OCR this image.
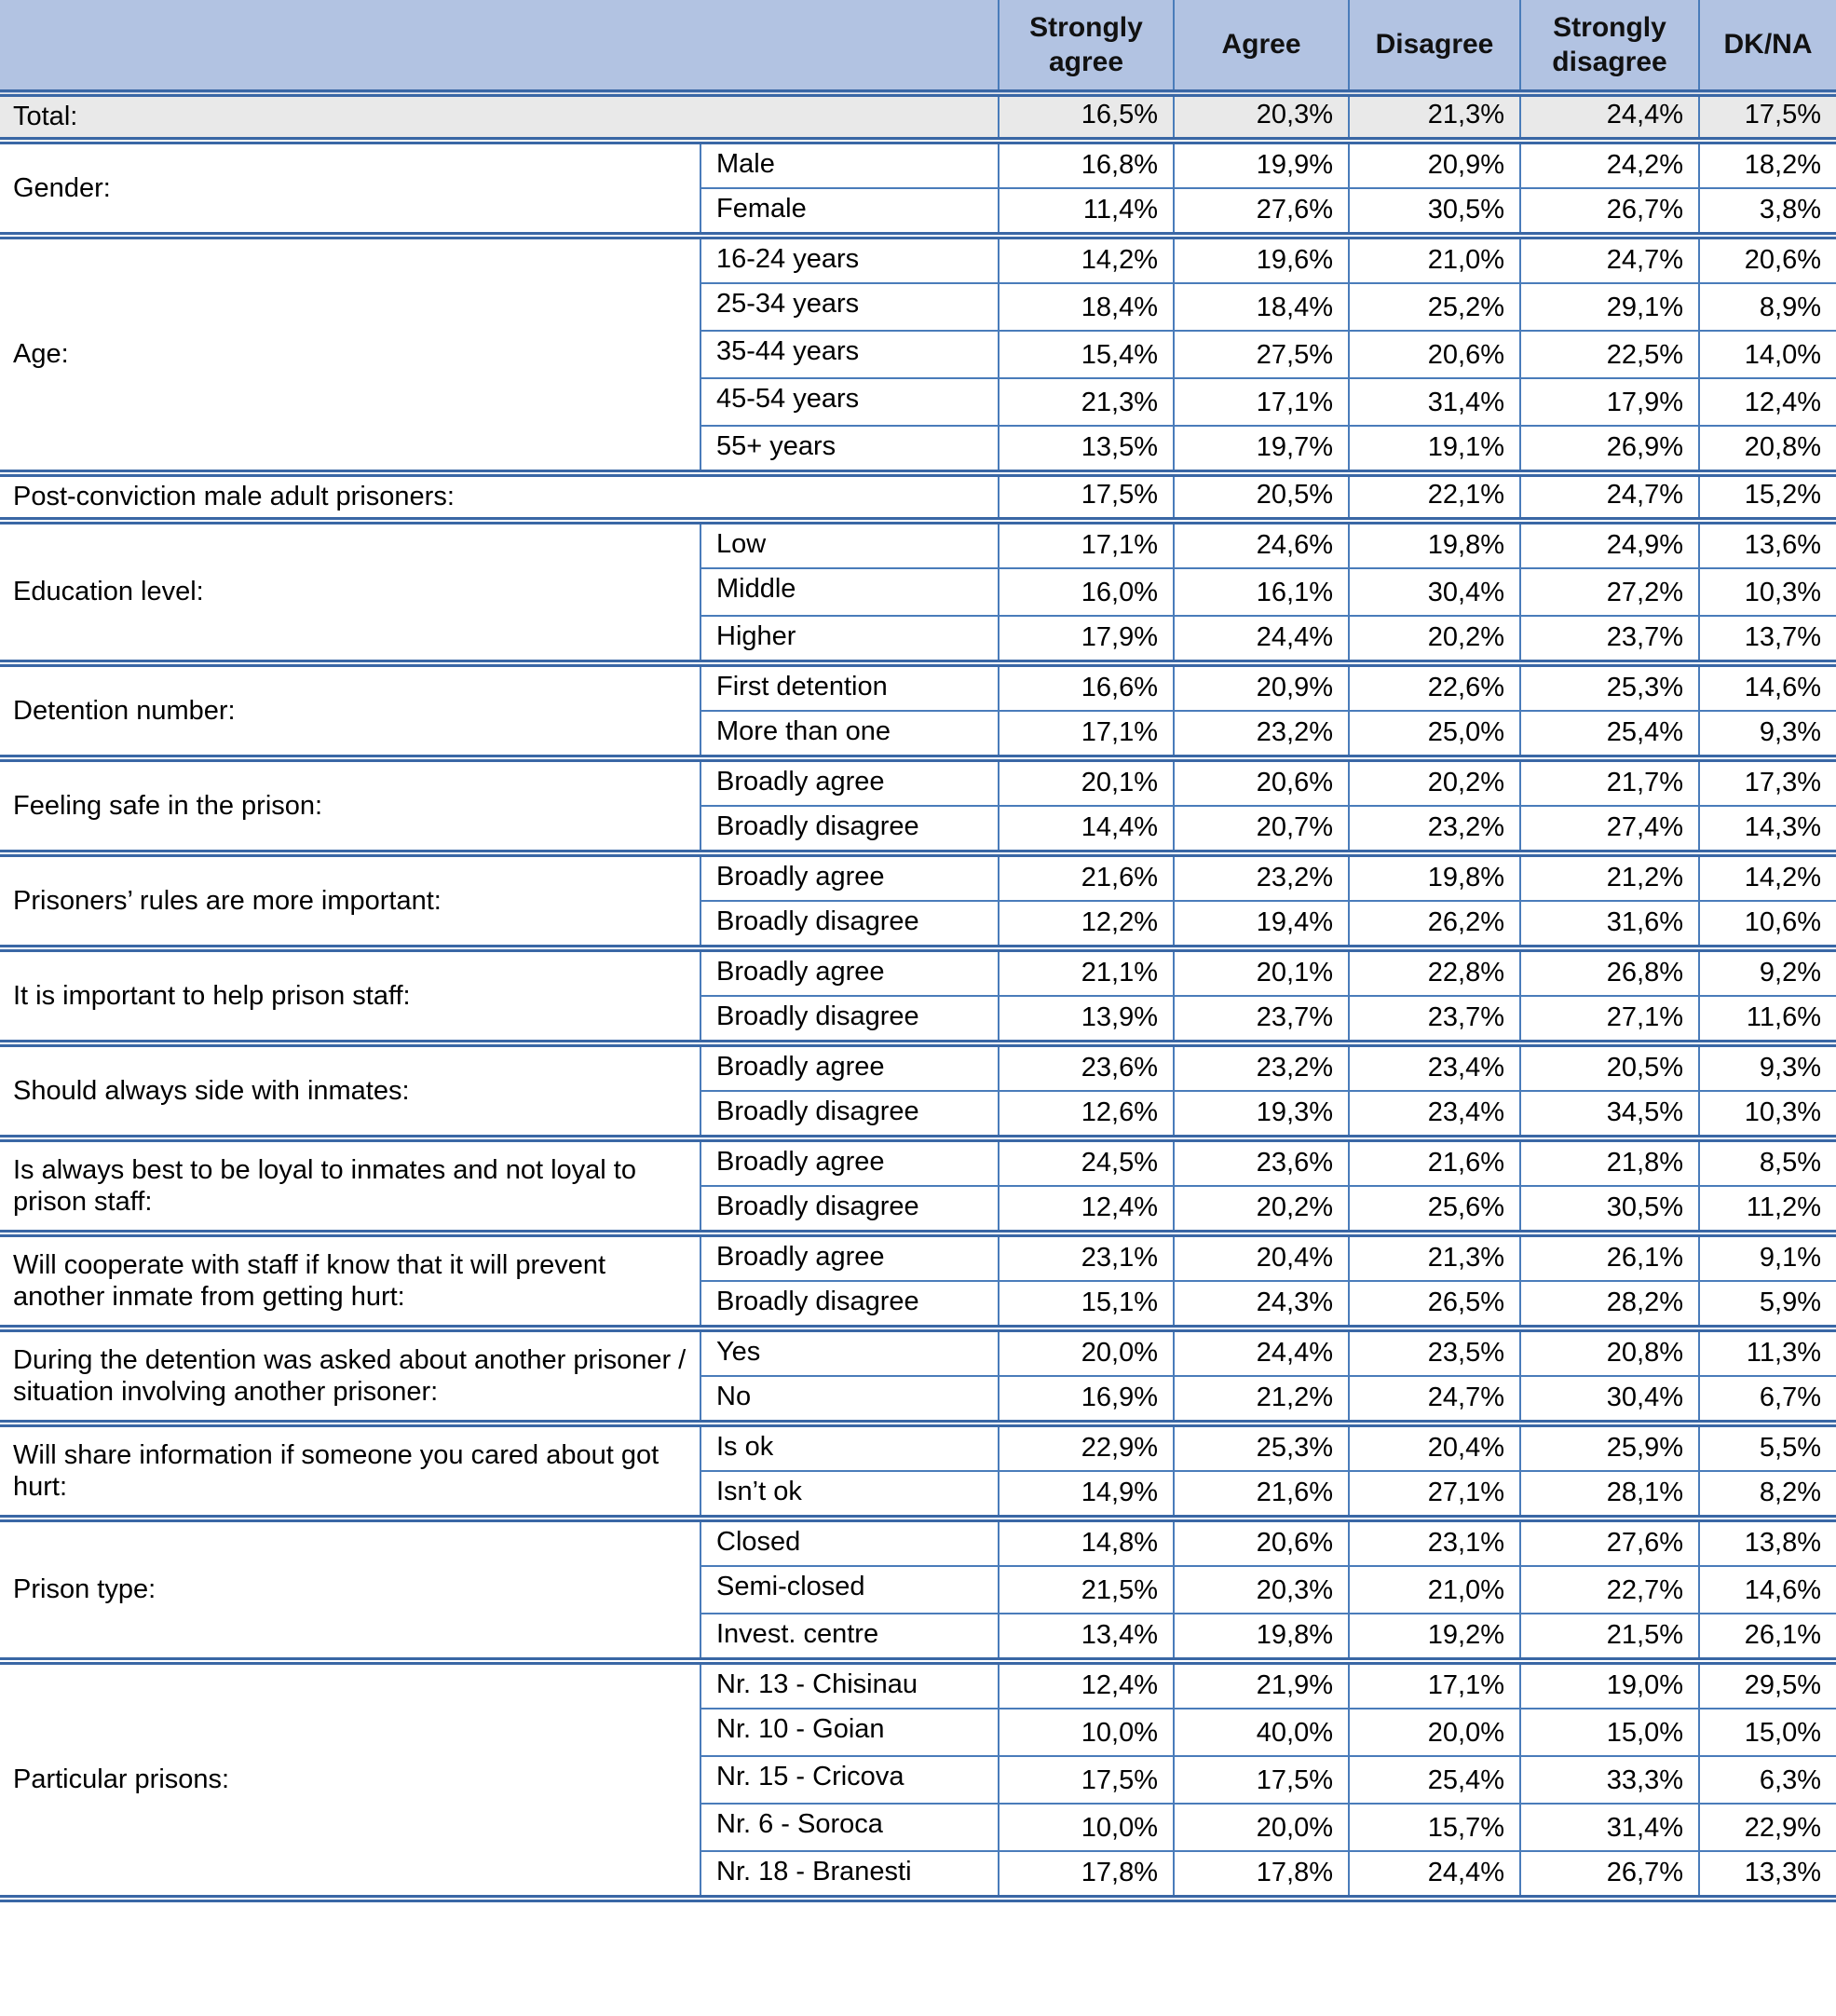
		Strongly agree	Agree	Disagree	Strongly disagree	DK/NA
Total:		16,5%	20,3%	21,3%	24,4%	17,5%
Gender:	Male	16,8%	19,9%	20,9%	24,2%	18,2%
	Female	11,4%	27,6%	30,5%	26,7%	3,8%
Age:	16-24 years	14,2%	19,6%	21,0%	24,7%	20,6%
	25-34 years	18,4%	18,4%	25,2%	29,1%	8,9%
	35-44 years	15,4%	27,5%	20,6%	22,5%	14,0%
	45-54 years	21,3%	17,1%	31,4%	17,9%	12,4%
	55+ years	13,5%	19,7%	19,1%	26,9%	20,8%
Post-conviction male adult prisoners:		17,5%	20,5%	22,1%	24,7%	15,2%
Education level:	Low	17,1%	24,6%	19,8%	24,9%	13,6%
	Middle	16,0%	16,1%	30,4%	27,2%	10,3%
	Higher	17,9%	24,4%	20,2%	23,7%	13,7%
Detention number:	First detention	16,6%	20,9%	22,6%	25,3%	14,6%
	More than one	17,1%	23,2%	25,0%	25,4%	9,3%
Feeling safe in the prison:	Broadly agree	20,1%	20,6%	20,2%	21,7%	17,3%
	Broadly disagree	14,4%	20,7%	23,2%	27,4%	14,3%
Prisoners’ rules are more important:	Broadly agree	21,6%	23,2%	19,8%	21,2%	14,2%
	Broadly disagree	12,2%	19,4%	26,2%	31,6%	10,6%
It is important to help prison staff:	Broadly agree	21,1%	20,1%	22,8%	26,8%	9,2%
	Broadly disagree	13,9%	23,7%	23,7%	27,1%	11,6%
Should always side with inmates:	Broadly agree	23,6%	23,2%	23,4%	20,5%	9,3%
	Broadly disagree	12,6%	19,3%	23,4%	34,5%	10,3%
Is always best to be loyal to inmates and not loyal to prison staff:	Broadly agree	24,5%	23,6%	21,6%	21,8%	8,5%
	Broadly disagree	12,4%	20,2%	25,6%	30,5%	11,2%
Will cooperate with staff if know that it will prevent another inmate from getting hurt:	Broadly agree	23,1%	20,4%	21,3%	26,1%	9,1%
	Broadly disagree	15,1%	24,3%	26,5%	28,2%	5,9%
During the detention was asked about another prisoner / situation involving another prisoner:	Yes	20,0%	24,4%	23,5%	20,8%	11,3%
	No	16,9%	21,2%	24,7%	30,4%	6,7%
Will share information if someone you cared about got hurt:	Is ok	22,9%	25,3%	20,4%	25,9%	5,5%
	Isn’t ok	14,9%	21,6%	27,1%	28,1%	8,2%
Prison type:	Closed	14,8%	20,6%	23,1%	27,6%	13,8%
	Semi-closed	21,5%	20,3%	21,0%	22,7%	14,6%
	Invest. centre	13,4%	19,8%	19,2%	21,5%	26,1%
Particular prisons:	Nr. 13 - Chisinau	12,4%	21,9%	17,1%	19,0%	29,5%
	Nr. 10 - Goian	10,0%	40,0%	20,0%	15,0%	15,0%
	Nr. 15 - Cricova	17,5%	17,5%	25,4%	33,3%	6,3%
	Nr. 6 - Soroca	10,0%	20,0%	15,7%	31,4%	22,9%
	Nr. 18 - Branesti	17,8%	17,8%	24,4%	26,7%	13,3%
